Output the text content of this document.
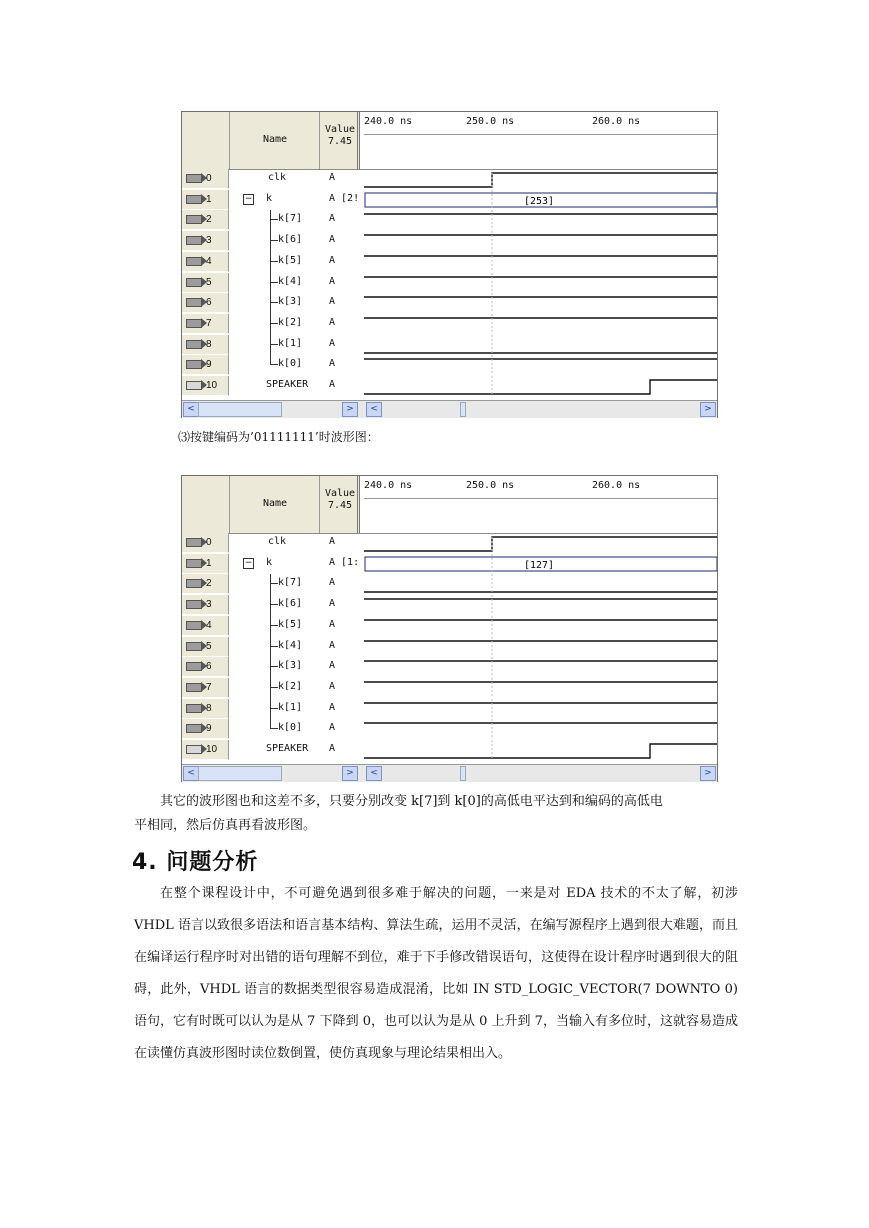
Name
Value
7.45
240.0 ns	250.0 ns	260.0 ns
0	clk	A
1	− k	A [2!	[253]
2	k[7]	A
3	k[6]	A
4	k[5]	A
5	k[4]	A
6	k[3]	A
7	k[2]	A
8	k[1]	A
9	k[0]	A
10	SPEAKER A
<	>	<	>
⑶按键编码为’01111111’时波形图：
Name
Value
7.45
240.0 ns	250.0 ns	260.0 ns
0	clk	A
1	− k	A [1:	[127]
2	k[7]	A
3	k[6]	A
4	k[5]	A
5	k[4]	A
6	k[3]	A
7	k[2]	A
8	k[1]	A
9	k[0]	A
10	SPEAKER A
<	>	<	>
其它的波形图也和这差不多，只要分别改变 k[7]到 k[0]的高低电平达到和编码的高低电
平相同，然后仿真再看波形图。
4. 问题分析

在整个课程设计中，不可避免遇到很多难于解决的问题，一来是对 EDA 技术的不太了解，初涉 VHDL 语言以致很多语法和语言基本结构、算法生疏，运用不灵活，在编写源程序上遇到很大难题，而且在编译运行程序时对出错的语句理解不到位，难于下手修改错误语句，这使得在设计程序时遇到很大的阻碍，此外，VHDL 语言的数据类型很容易造成混淆，比如 IN STD_LOGIC_VECTOR(7 DOWNTO 0)语句，它有时既可以认为是从 7 下降到 0，也可以认为是从 0 上升到 7，当输入有多位时，这就容易造成在读懂仿真波形图时读位数倒置，使仿真现象与理论结果相出入。
